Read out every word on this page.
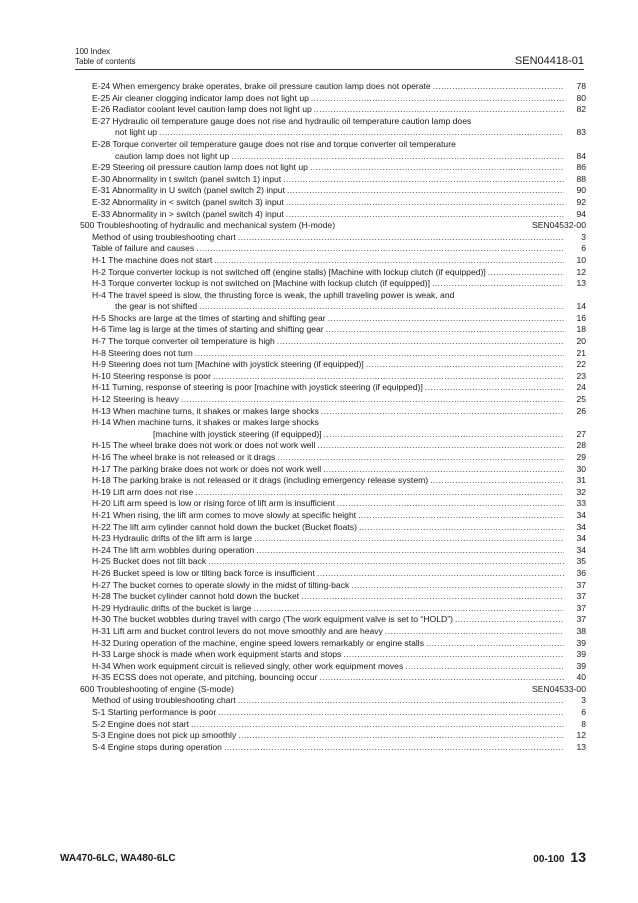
100 Index
Table of contents	SEN04418-01
E-24 When emergency brake operates, brake oil pressure caution lamp does not operate .....	78
E-25 Air cleaner clogging indicator lamp does not light up .....	80
E-26 Radiator coolant level caution lamp does not light up .....	82
E-27 Hydraulic oil temperature gauge does not rise and hydraulic oil temperature caution lamp does
not light up .....	83
E-28 Torque converter oil temperature gauge does not rise and torque converter oil temperature
caution lamp does not light up .....	84
E-29 Steering oil pressure caution lamp does not light up .....	86
E-30 Abnormality in t switch (panel switch 1) input .....	88
E-31 Abnormality in U switch (panel switch 2) input .....	90
E-32 Abnormality in < switch (panel switch 3) input .....	92
E-33 Abnormality in > switch (panel switch 4) input .....	94
500 Troubleshooting of hydraulic and mechanical system (H-mode)	SEN04532-00
Method of using troubleshooting chart .....	3
Table of failure and causes .....	6
H-1 The machine does not start .....	10
H-2 Torque converter lockup is not switched off (engine stalls) [Machine with lockup clutch (if equipped)] .....	12
H-3 Torque converter lockup is not switched on [Machine with lockup clutch (if equipped)] .....	13
H-4 The travel speed is slow, the thrusting force is weak, the uphill traveling power is weak, and
the gear is not shifted .....	14
H-5 Shocks are large at the times of starting and shifting gear .....	16
H-6 Time lag is large at the times of starting and shifting gear .....	18
H-7 The torque converter oil temperature is high .....	20
H-8 Steering does not turn .....	21
H-9 Steering does not turn [Machine with joystick steering (if equipped)] .....	22
H-10 Steering response is poor .....	23
H-11 Turning, response of steering is poor [machine with joystick steering (if equipped)] .....	24
H-12 Steering is heavy .....	25
H-13 When machine turns, it shakes or makes large shocks .....	26
H-14 When machine turns, it shakes or makes large shocks
[machine with joystick steering (if equipped)] .....	27
H-15 The wheel brake does not work or does not work well .....	28
H-16 The wheel brake is not released or it drags .....	29
H-17 The parking brake does not work or does not work well .....	30
H-18 The parking brake is not released or it drags (including emergency release system) .....	31
H-19 Lift arm does not rise .....	32
H-20 Lift arm speed is low or rising force of lift arm is insufficient .....	33
H-21 When rising, the lift arm comes to move slowly at specific height .....	34
H-22 The lift arm cylinder cannot hold down the bucket (Bucket floats) .....	34
H-23 Hydraulic drifts of the lift arm is large .....	34
H-24 The lift arm wobbles during operation .....	34
H-25 Bucket does not tilt back .....	35
H-26 Bucket speed is low or tilting back force is insufficient .....	36
H-27 The bucket comes to operate slowly in the midst of tilting-back .....	37
H-28 The bucket cylinder cannot hold down the bucket .....	37
H-29 Hydraulic drifts of the bucket is large .....	37
H-30 The bucket wobbles during travel with cargo (The work equipment valve is set to “HOLD”) .....	37
H-31 Lift arm and bucket control levers do not move smoothly and are heavy .....	38
H-32 During operation of the machine, engine speed lowers remarkably or engine stalls .....	39
H-33 Large shock is made when work equipment starts and stops .....	39
H-34 When work equipment circuit is relieved singly, other work equipment moves .....	39
H-35 ECSS does not operate, and pitching, bouncing occur .....	40
600 Troubleshooting of engine (S-mode)	SEN04533-00
Method of using troubleshooting chart .....	3
S-1 Starting performance is poor .....	6
S-2 Engine does not start .....	8
S-3 Engine does not pick up smoothly .....	12
S-4 Engine stops during operation .....	13
WA470-6LC, WA480-6LC	00-100 13
